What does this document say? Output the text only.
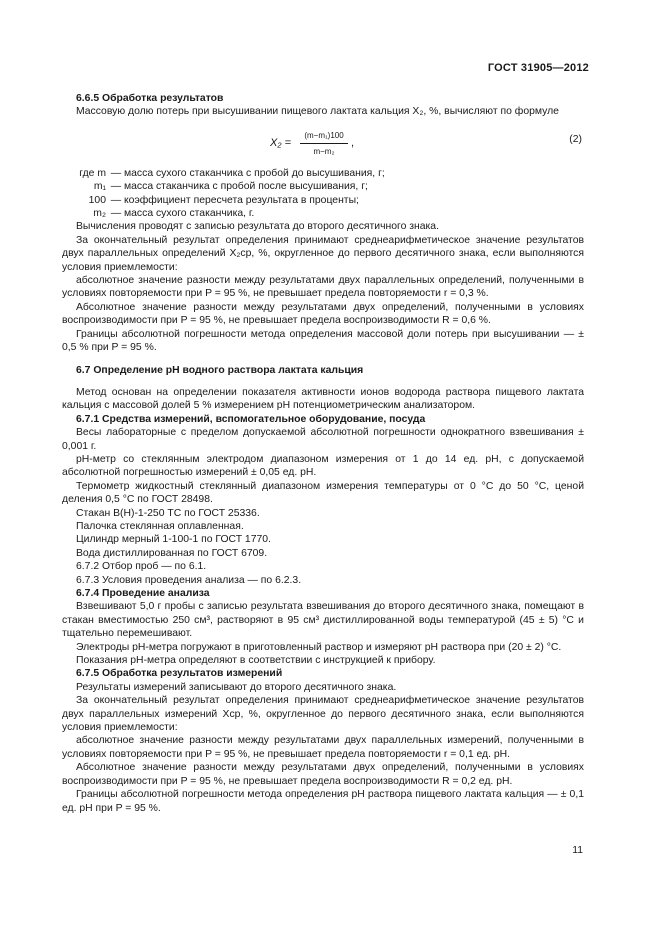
ГОСТ 31905—2012

6.6.5 Обработка результатов

Массовую долю потерь при высушивании пищевого лактата кальция X₂, %, вычисляют по формуле

$X_2 = \frac{\text{(m−m₁)100}}{\text{m−m₂}}$ ,	(2)
где m — масса сухого стаканчика с пробой до высушивания, г;
m₁ — масса стаканчика с пробой после высушивания, г;
100 — коэффициент пересчета результата в проценты;
m₂ — масса сухого стаканчика, г.

Вычисления проводят с записью результата до второго десятичного знака.

За окончательный результат определения принимают среднеарифметическое значение результатов двух параллельных определений X₂ср, %, округленное до первого десятичного знака, если выполняются условия приемлемости:

абсолютное значение разности между результатами двух параллельных определений, полученными в условиях повторяемости при P = 95 %, не превышает предела повторяемости r = 0,3 %.

Абсолютное значение разности между результатами двух определений, полученными в условиях воспроизводимости при P = 95 %, не превышает предела воспроизводимости R = 0,6 %.

Границы абсолютной погрешности метода определения массовой доли потерь при высушивании — ± 0,5 % при P = 95 %.

6.7 Определение pH водного раствора лактата кальция

Метод основан на определении показателя активности ионов водорода раствора пищевого лактата кальция с массовой долей 5 % измерением pH потенциометрическим анализатором.

6.7.1 Средства измерений, вспомогательное оборудование, посуда

Весы лабораторные с пределом допускаемой абсолютной погрешности однократного взвешивания ± 0,001 г.

pH-метр со стеклянным электродом диапазоном измерения от 1 до 14 ед. pH, с допускаемой абсолютной погрешностью измерений ± 0,05 ед. pH.

Термометр жидкостный стеклянный диапазоном измерения температуры от 0 °C до 50 °C, ценой деления 0,5 °C по ГОСТ 28498.

Стакан В(Н)-1-250 ТС по ГОСТ 25336.

Палочка стеклянная оплавленная.

Цилиндр мерный 1-100-1 по ГОСТ 1770.

Вода дистиллированная по ГОСТ 6709.

6.7.2 Отбор проб — по 6.1.

6.7.3 Условия проведения анализа — по 6.2.3.

6.7.4 Проведение анализа

Взвешивают 5,0 г пробы с записью результата взвешивания до второго десятичного знака, помещают в стакан вместимостью 250 см³, растворяют в 95 см³ дистиллированной воды температурой (45 ± 5) °C и тщательно перемешивают.

Электроды pH-метра погружают в приготовленный раствор и измеряют pH раствора при (20 ± 2) °C.

Показания pH-метра определяют в соответствии с инструкцией к прибору.

6.7.5 Обработка результатов измерений

Результаты измерений записывают до второго десятичного знака.

За окончательный результат определения принимают среднеарифметическое значение результатов двух параллельных измерений Xср, %, округленное до первого десятичного знака, если выполняются условия приемлемости:

абсолютное значение разности между результатами двух параллельных измерений, полученными в условиях повторяемости при P = 95 %, не превышает предела повторяемости r = 0,1 ед. pH.

Абсолютное значение разности между результатами двух определений, полученными в условиях воспроизводимости при P = 95 %, не превышает предела воспроизводимости R = 0,2 ед. pH.

Границы абсолютной погрешности метода определения pH раствора пищевого лактата кальция — ± 0,1 ед. pH при P = 95 %.

11
